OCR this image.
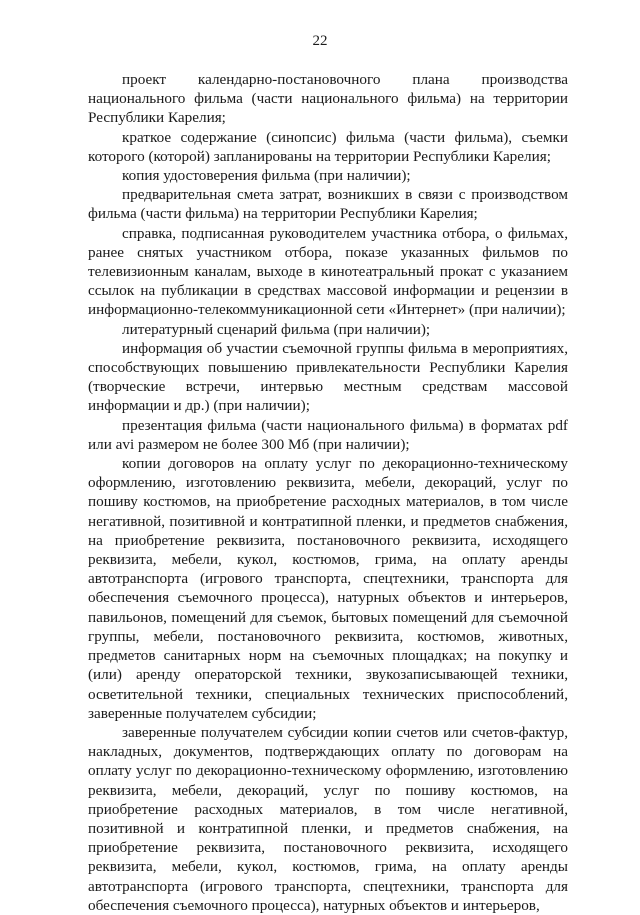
22

проект календарно-постановочного плана производства национального фильма (части национального фильма) на территории Республики Карелия;

краткое содержание (синопсис) фильма (части фильма), съемки которого (которой) запланированы на территории Республики Карелия;

копия удостоверения фильма (при наличии);

предварительная смета затрат, возникших в связи с производством фильма (части фильма) на территории Республики Карелия;

справка, подписанная руководителем участника отбора, о фильмах, ранее снятых участником отбора, показе указанных фильмов по телевизионным каналам, выходе в кинотеатральный прокат с указанием ссылок на публикации в средствах массовой информации и рецензии в информационно-телекоммуникационной сети «Интернет» (при наличии);

литературный сценарий фильма (при наличии);

информация об участии съемочной группы фильма в мероприятиях, способствующих повышению привлекательности Республики Карелия (творческие встречи, интервью местным средствам массовой информации и др.) (при наличии);

презентация фильма (части национального фильма) в форматах pdf или avi размером не более 300 Мб (при наличии);

копии договоров на оплату услуг по декорационно-техническому оформлению, изготовлению реквизита, мебели, декораций, услуг по пошиву костюмов, на приобретение расходных материалов, в том числе негативной, позитивной и контратипной пленки, и предметов снабжения, на приобретение реквизита, постановочного реквизита, исходящего реквизита, мебели, кукол, костюмов, грима, на оплату аренды автотранспорта (игрового транспорта, спецтехники, транспорта для обеспечения съемочного процесса), натурных объектов и интерьеров, павильонов, помещений для съемок, бытовых помещений для съемочной группы, мебели, постановочного реквизита, костюмов, животных, предметов санитарных норм на съемочных площадках; на покупку и (или) аренду операторской техники, звукозаписывающей техники, осветительной техники, специальных технических приспособлений, заверенные получателем субсидии;

заверенные получателем субсидии копии счетов или счетов-фактур, накладных, документов, подтверждающих оплату по договорам на оплату услуг по декорационно-техническому оформлению, изготовлению реквизита, мебели, декораций, услуг по пошиву костюмов, на приобретение расходных материалов, в том числе негативной, позитивной и контратипной пленки, и предметов снабжения, на приобретение реквизита, постановочного реквизита, исходящего реквизита, мебели, кукол, костюмов, грима, на оплату аренды автотранспорта (игрового транспорта, спецтехники, транспорта для обеспечения съемочного процесса), натурных объектов и интерьеров,
